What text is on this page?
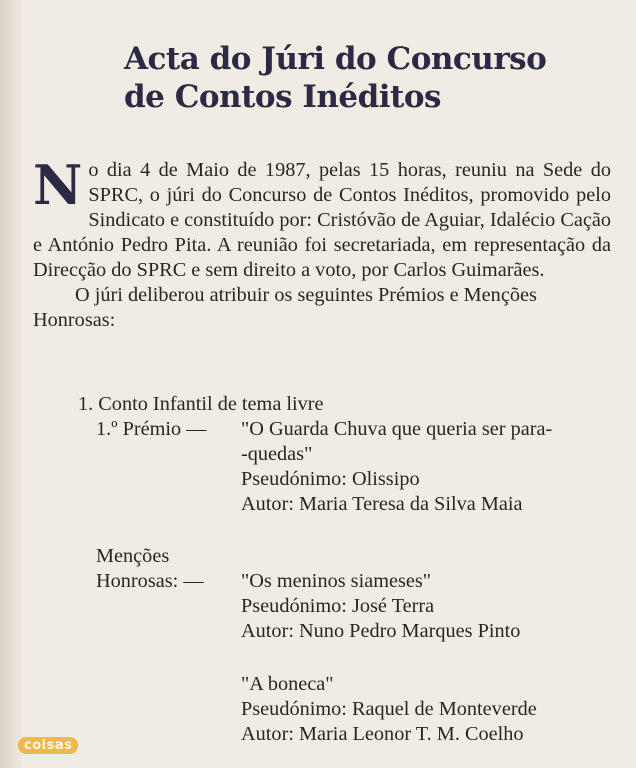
Acta do Júri do Concurso
de Contos Inéditos

No dia 4 de Maio de 1987, pelas 15 horas, reuniu na Sede do SPRC, o júri do Concurso de Contos Inéditos, promovido pelo Sindicato e constituído por: Cristóvão de Aguiar, Idalécio Cação e António Pedro Pita. A reunião foi secretariada, em representação da Direcção do SPRC e sem direito a voto, por Carlos Guimarães.

O júri deliberou atribuir os seguintes Prémios e Menções Honrosas:

1. Conto Infantil de tema livre
1.º Prémio — "O Guarda Chuva que queria ser para-
-quedas"
Pseudónimo: Olissipo
Autor: Maria Teresa da Silva Maia
Menções
Honrosas: — "Os meninos siameses"
Pseudónimo: José Terra
Autor: Nuno Pedro Marques Pinto
"A boneca"
Pseudónimo: Raquel de Monteverde
Autor: Maria Leonor T. M. Coelho
coisas
